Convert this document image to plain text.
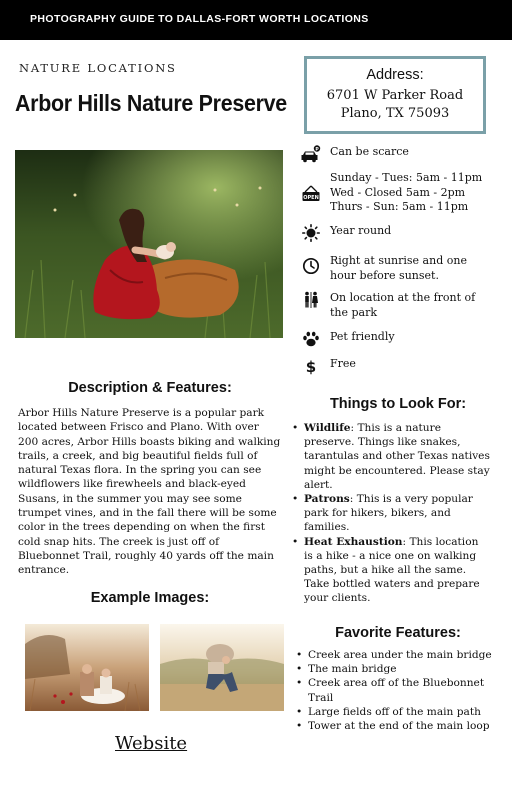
PHOTOGRAPHY GUIDE TO DALLAS-FORT WORTH LOCATIONS
NATURE LOCATIONS
Arbor Hills Nature Preserve
Address:
6701 W Parker Road
Plano, TX 75093
P Can be scarce
OPEN
Sunday - Tues: 5am - 11pm
Wed - Closed 5am - 2pm
Thurs - Sun: 5am - 11pm
Year round
Right at sunrise and one hour before sunset.
On location at the front of the park
Pet friendly
$ Free
Description & Features:

Arbor Hills Nature Preserve is a popular park located between Frisco and Plano. With over 200 acres, Arbor Hills boasts biking and walking trails, a creek, and big beautiful fields full of natural Texas flora. In the spring you can see wildflowers like firewheels and black-eyed Susans, in the summer you may see some trumpet vines, and in the fall there will be some color in the trees depending on when the first cold snap hits. The creek is just off of Bluebonnet Trail, roughly 40 yards off the main entrance.

Things to Look For:
• Wildlife: This is a nature preserve. Things like snakes, tarantulas and other Texas natives might be encountered. Please stay alert.
• Patrons: This is a very popular park for hikers, bikers, and families.
• Heat Exhaustion: This location is a hike - a nice one on walking paths, but a hike all the same. Take bottled waters and prepare your clients.
Example Images:
Favorite Features:
• Creek area under the main bridge
• The main bridge
• Creek area off of the Bluebonnet Trail
• Large fields off of the main path
• Tower at the end of the main loop
Website
